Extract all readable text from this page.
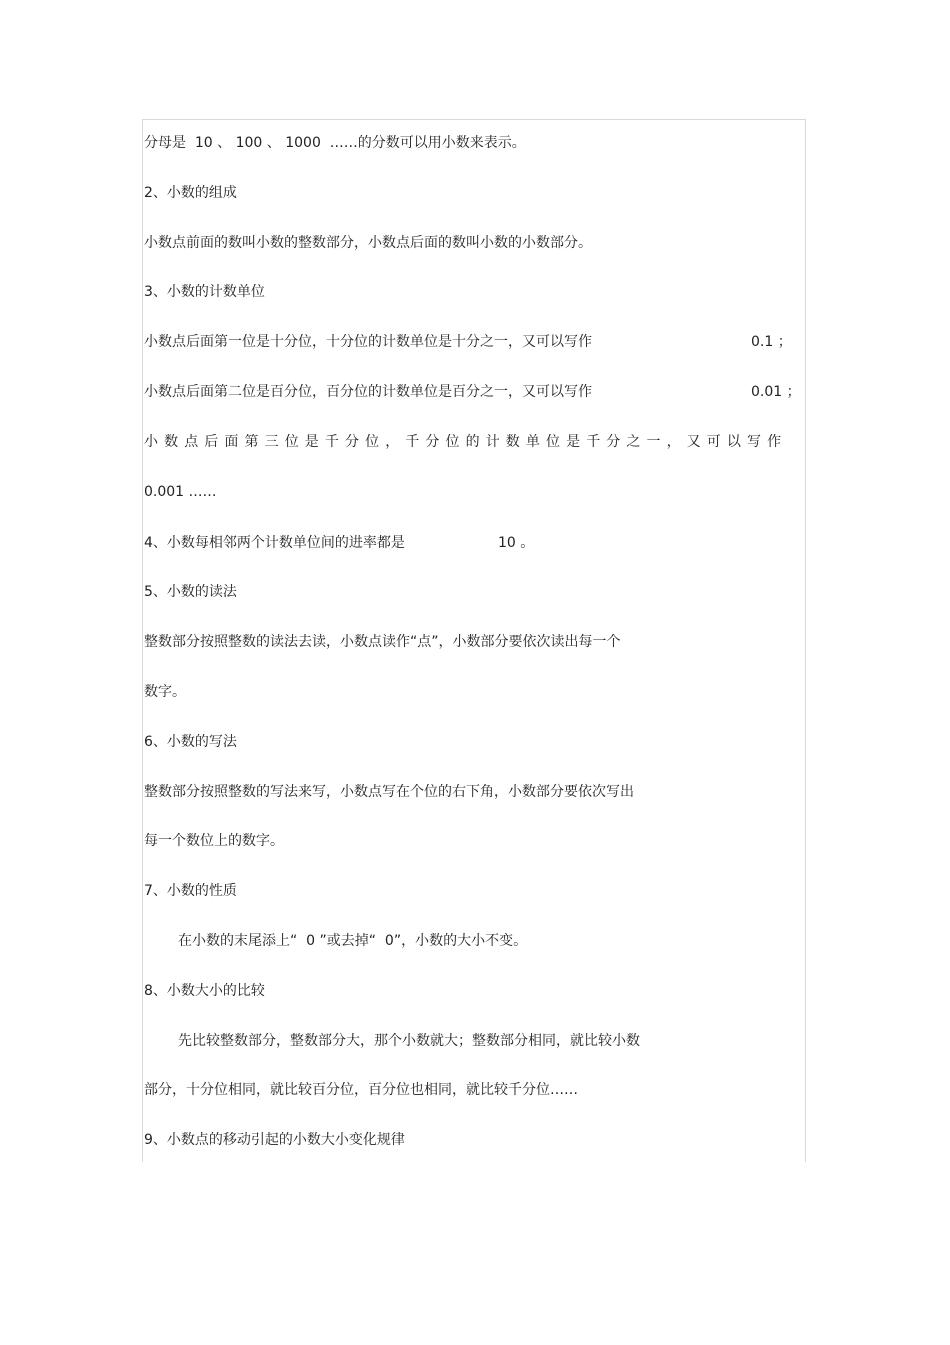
分母是  10 、 100 、 1000  ……的分数可以用小数来表示。
2、小数的组成
小数点前面的数叫小数的整数部分，小数点后面的数叫小数的小数部分。
3、小数的计数单位
小数点后面第一位是十分位，十分位的计数单位是十分之一，又可以写作	0.1 ；
小数点后面第二位是百分位，百分位的计数单位是百分之一，又可以写作	0.01 ；
小数点后面第三位是千分位，千分位的计数单位是千分之一，又可以写作
0.001 ……
4、小数每相邻两个计数单位间的进率都是	10 。
5、小数的读法
整数部分按照整数的读法去读，小数点读作“点”，小数部分要依次读出每一个
数字。
6、小数的写法
整数部分按照整数的写法来写，小数点写在个位的右下角，小数部分要依次写出
每一个数位上的数字。
7、小数的性质
在小数的末尾添上“  0 ”或去掉“  0”，小数的大小不变。
8、小数大小的比较
先比较整数部分，整数部分大，那个小数就大；整数部分相同，就比较小数
部分，十分位相同，就比较百分位，百分位也相同，就比较千分位……
9、小数点的移动引起的小数大小变化规律
